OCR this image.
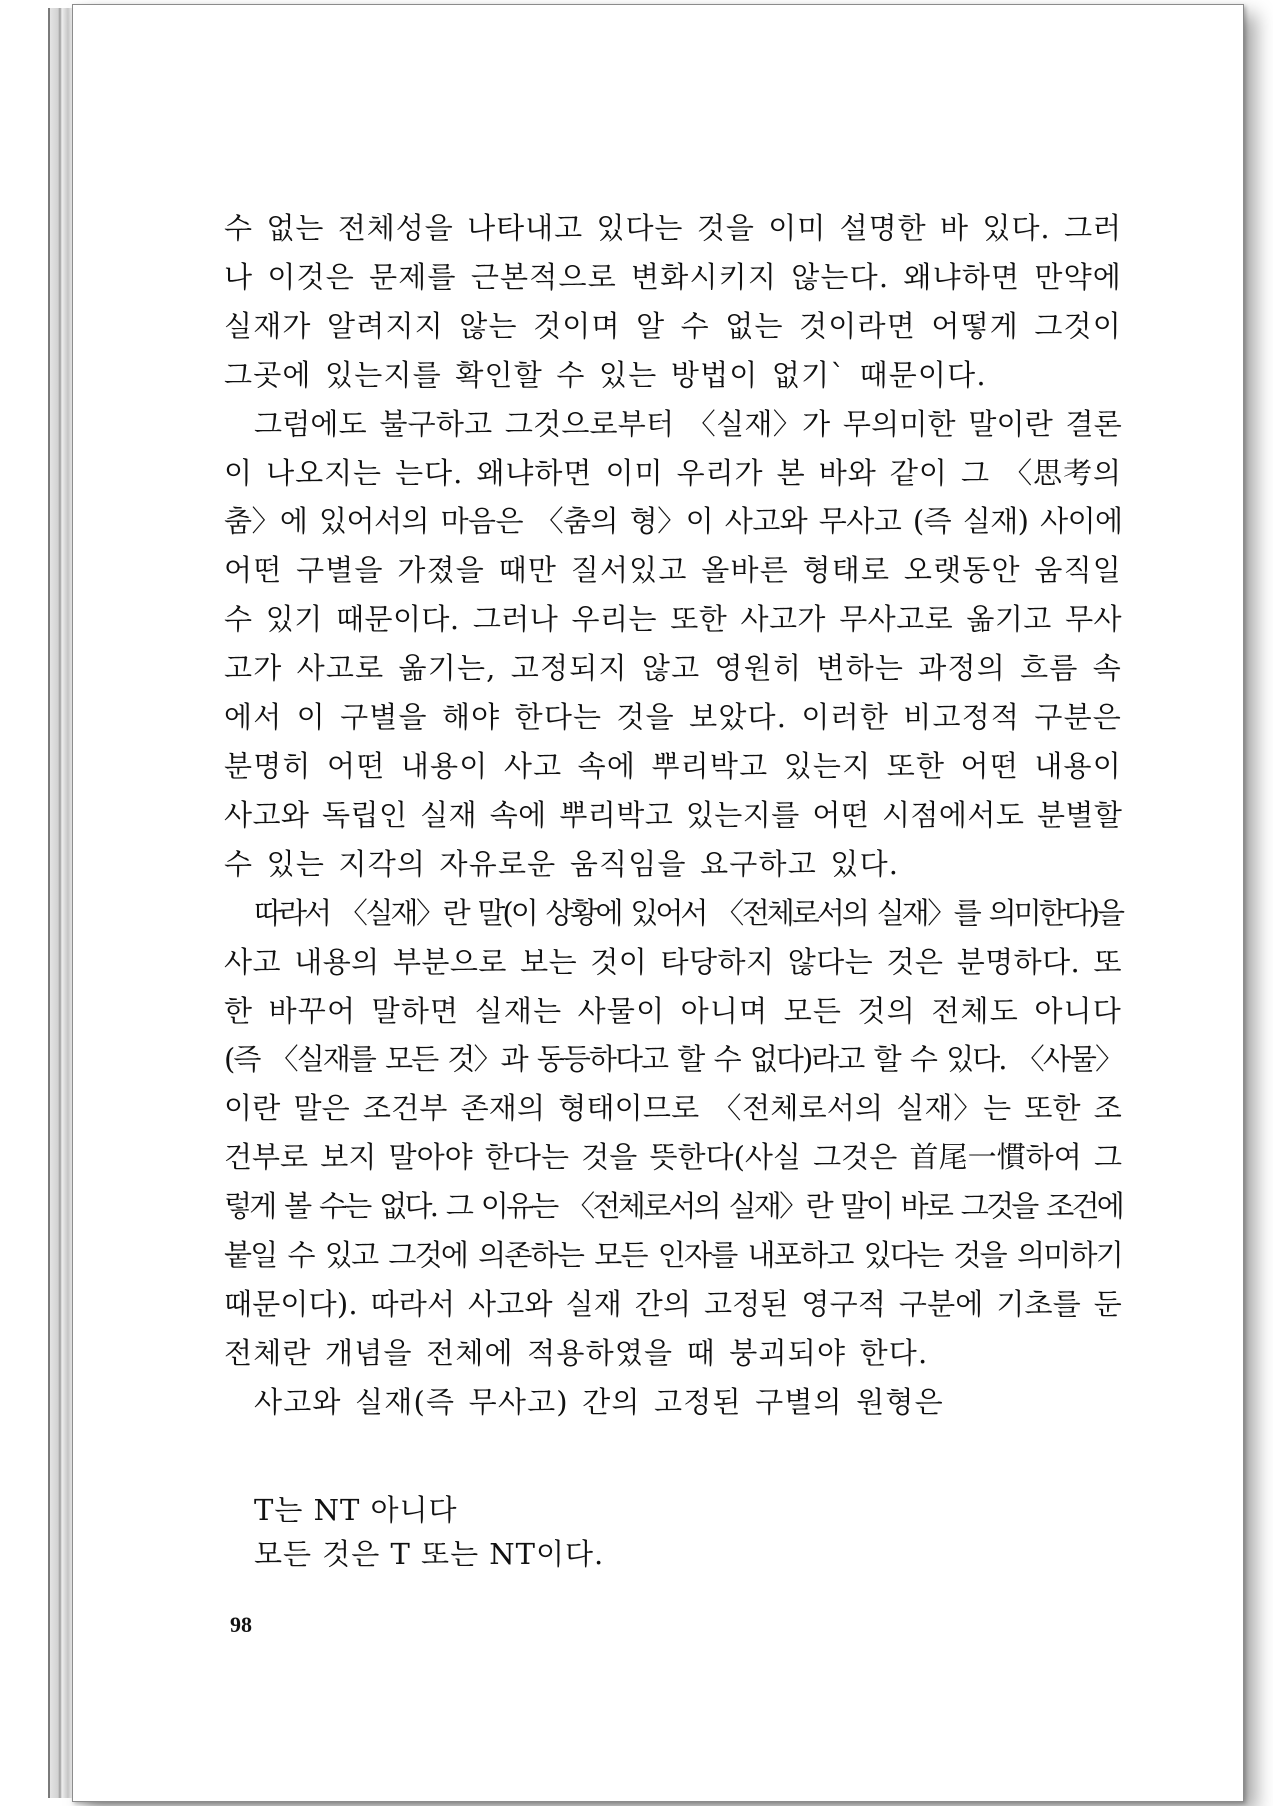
수 없는 전체성을 나타내고 있다는 것을 이미 설명한 바 있다. 그러
나 이것은 문제를 근본적으로 변화시키지 않는다. 왜냐하면 만약에
실재가 알려지지 않는 것이며 알 수 없는 것이라면 어떻게 그것이
그곳에 있는지를 확인할 수 있는 방법이 없기` 때문이다.

그럼에도 불구하고 그것으로부터 〈실재〉가 무의미한 말이란 결론
이 나오지는 는다. 왜냐하면 이미 우리가 본 바와 같이 그 〈思考의
춤〉에 있어서의 마음은 〈춤의 형〉이 사고와 무사고 (즉 실재) 사이에
어떤 구별을 가졌을 때만 질서있고 올바른 형태로 오랫동안 움직일
수 있기 때문이다. 그러나 우리는 또한 사고가 무사고로 옮기고 무사
고가 사고로 옮기는, 고정되지 않고 영원히 변하는 과정의 흐름 속
에서 이 구별을 해야 한다는 것을 보았다. 이러한 비고정적 구분은
분명히 어떤 내용이 사고 속에 뿌리박고 있는지 또한 어떤 내용이
사고와 독립인 실재 속에 뿌리박고 있는지를 어떤 시점에서도 분별할
수 있는 지각의 자유로운 움직임을 요구하고 있다.

따라서 〈실재〉란 말(이 상황에 있어서 〈전체로서의 실재〉를 의미한다)을
사고 내용의 부분으로 보는 것이 타당하지 않다는 것은 분명하다. 또
한 바꾸어 말하면 실재는 사물이 아니며 모든 것의 전체도 아니다
(즉 〈실재를 모든 것〉과 동등하다고 할 수 없다)라고 할 수 있다. 〈사물〉
이란 말은 조건부 존재의 형태이므로 〈전체로서의 실재〉는 또한 조
건부로 보지 말아야 한다는 것을 뜻한다(사실 그것은 首尾一慣하여 그
렇게 볼 수는 없다. 그 이유는 〈전체로서의 실재〉란 말이 바로 그것을 조건에
붙일 수 있고 그것에 의존하는 모든 인자를 내포하고 있다는 것을 의미하기
때문이다). 따라서 사고와 실재 간의 고정된 영구적 구분에 기초를 둔
전체란 개념을 전체에 적용하였을 때 붕괴되야 한다.

사고와 실재(즉 무사고) 간의 고정된 구별의 원형은

T는 NT 아니다

모든 것은 T 또는 NT이다.

98
